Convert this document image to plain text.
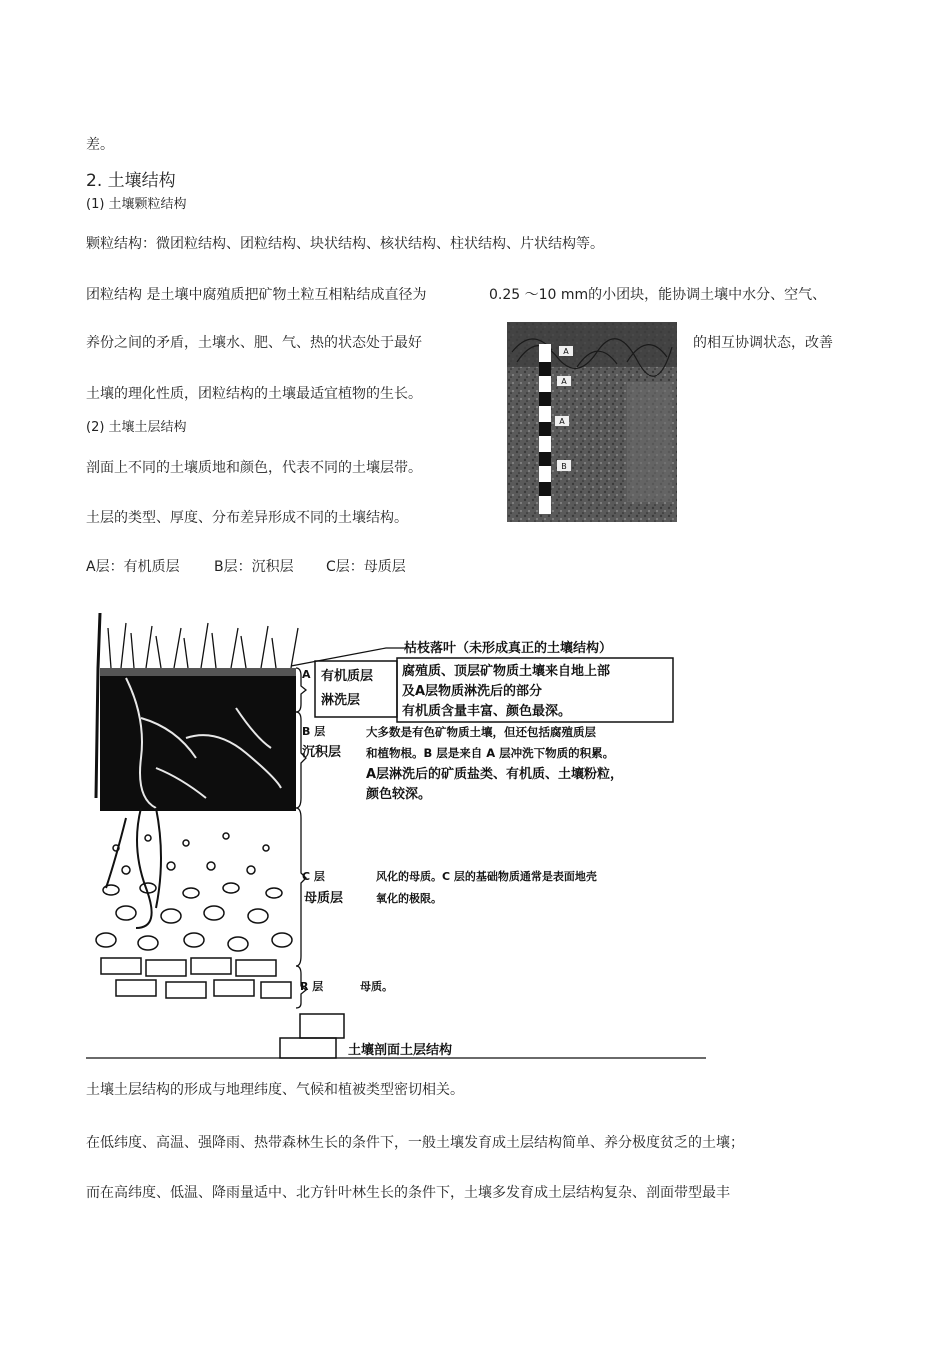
差。
2. 土壤结构
(1) 土壤颗粒结构
颗粒结构：微团粒结构、团粒结构、块状结构、核状结构、柱状结构、片状结构等。
团粒结构 是土壤中腐殖质把矿物土粒互相粘结成直径为	0.25 ～10 mm的小团块，能协调土壤中水分、空气、
养份之间的矛盾，土壤水、肥、气、热的状态处于最好	的相互协调状态，改善
土壤的理化性质，团粒结构的土壤最适宜植物的生长。
(2) 土壤土层结构
剖面上不同的土壤质地和颜色，代表不同的土壤层带。
土层的类型、厚度、分布差异形成不同的土壤结构。
A层：有机质层 B层：沉积层 C层：母质层
A
A
A
B
枯枝落叶（未形成真正的土壤结构）
A 有机质层
淋洗层
腐殖质、顶层矿物质土壤来自地上部
及A层物质淋洗后的部分
有机质含量丰富、颜色最深。
B 层
沉积层
大多数是有色矿物质土壤，但还包括腐殖质层
和植物根。B 层是来自 A 层冲洗下物质的积累。
A层淋洗后的矿质盐类、有机质、土壤粉粒，
颜色较深。
C 层
母质层
风化的母质。C 层的基础物质通常是表面地壳
氧化的极限。
R 层	母质。
土壤剖面土层结构
土壤土层结构的形成与地理纬度、气候和植被类型密切相关。
在低纬度、高温、强降雨、热带森林生长的条件下，一般土壤发育成土层结构简单、养分极度贫乏的土壤；
而在高纬度、低温、降雨量适中、北方针叶林生长的条件下，土壤多发育成土层结构复杂、剖面带型最丰
